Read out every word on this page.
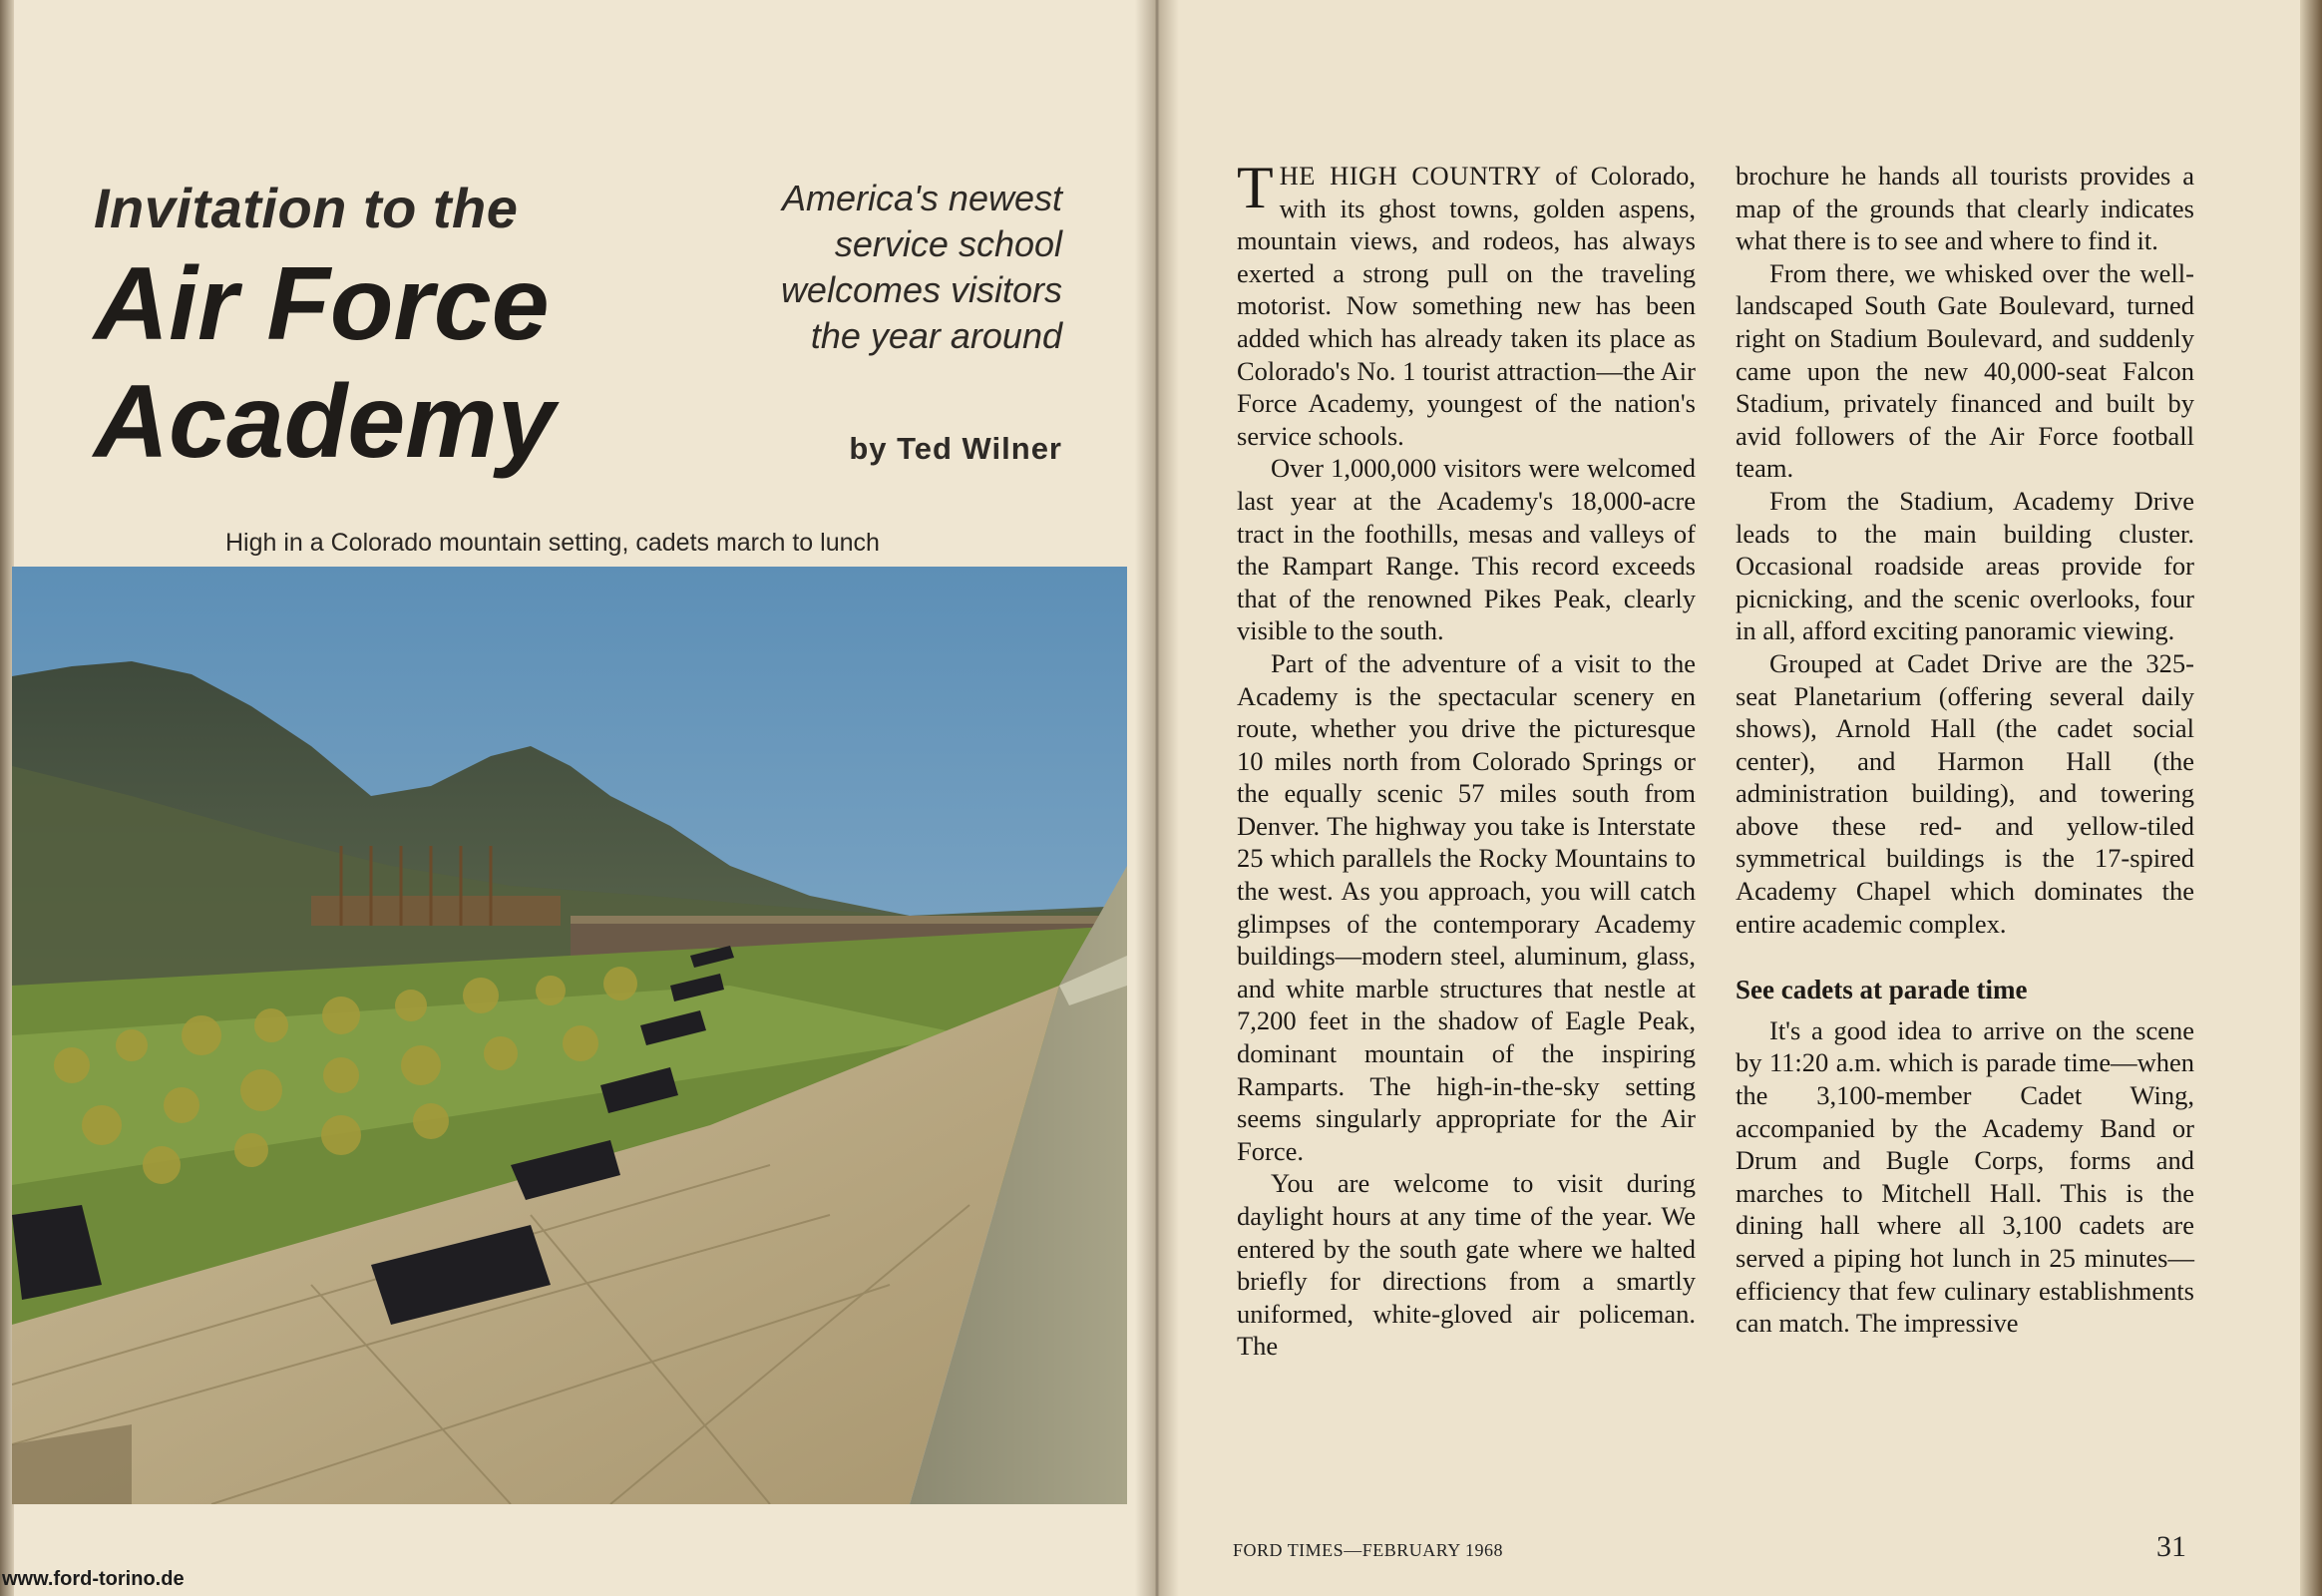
Invitation to the
Air Force
Academy
America's newest service school welcomes visitors the year around
by Ted Wilner
High in a Colorado mountain setting, cadets march to lunch
www.ford-torino.de

THE HIGH COUNTRY of Colorado, with its ghost towns, golden aspens, mountain views, and rodeos, has always exerted a strong pull on the traveling motorist. Now something new has been added which has already taken its place as Colorado's No. 1 tourist attraction—the Air Force Academy, youngest of the nation's service schools.

Over 1,000,000 visitors were welcomed last year at the Academy's 18,000-acre tract in the foothills, mesas and valleys of the Rampart Range. This record exceeds that of the renowned Pikes Peak, clearly visible to the south.

Part of the adventure of a visit to the Academy is the spectacular scenery en route, whether you drive the picturesque 10 miles north from Colorado Springs or the equally scenic 57 miles south from Denver. The highway you take is Interstate 25 which parallels the Rocky Mountains to the west. As you approach, you will catch glimpses of the contemporary Academy buildings—modern steel, aluminum, glass, and white marble structures that nestle at 7,200 feet in the shadow of Eagle Peak, dominant mountain of the inspiring Ramparts. The high-in-the-sky setting seems singularly appropriate for the Air Force.

You are welcome to visit during daylight hours at any time of the year. We entered by the south gate where we halted briefly for directions from a smartly uniformed, white-gloved air policeman. The

brochure he hands all tourists provides a map of the grounds that clearly indicates what there is to see and where to find it.

From there, we whisked over the well-landscaped South Gate Boulevard, turned right on Stadium Boulevard, and suddenly came upon the new 40,000-seat Falcon Stadium, privately financed and built by avid followers of the Air Force football team.

From the Stadium, Academy Drive leads to the main building cluster. Occasional roadside areas provide for picnicking, and the scenic overlooks, four in all, afford exciting panoramic viewing.

Grouped at Cadet Drive are the 325-seat Planetarium (offering several daily shows), Arnold Hall (the cadet social center), and Harmon Hall (the administration building), and towering above these red- and yellow-tiled symmetrical buildings is the 17-spired Academy Chapel which dominates the entire academic complex.

See cadets at parade time

It's a good idea to arrive on the scene by 11:20 a.m. which is parade time—when the 3,100-member Cadet Wing, accompanied by the Academy Band or Drum and Bugle Corps, forms and marches to Mitchell Hall. This is the dining hall where all 3,100 cadets are served a piping hot lunch in 25 minutes—efficiency that few culinary establishments can match. The impressive

FORD TIMES—FEBRUARY 1968	31
